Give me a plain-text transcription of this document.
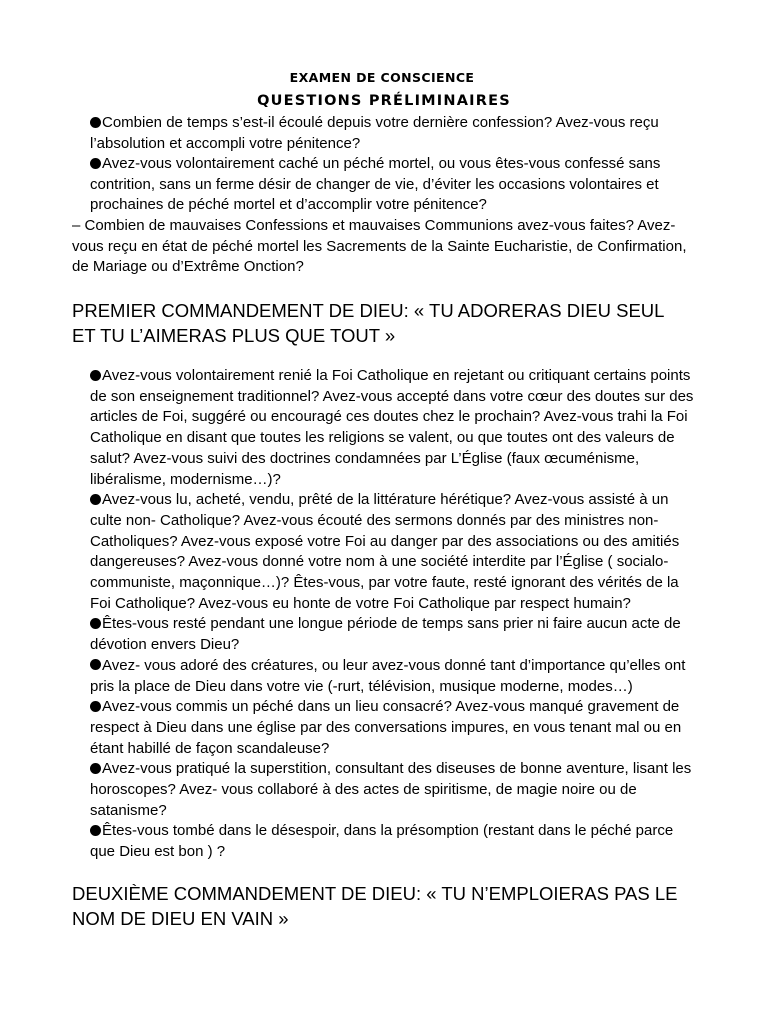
EXAMEN DE CONSCIENCE
QUESTIONS PRÉLIMINAIRES

Combien de temps s’est-il écoulé depuis votre dernière confession? Avez-vous reçu l’absolution et accompli votre pénitence?

Avez-vous volontairement caché un péché mortel, ou vous êtes-vous confessé sans contrition, sans un ferme désir de changer de vie, d’éviter les occasions volontaires et prochaines de péché mortel et d’accomplir votre pénitence?

– Combien de mauvaises Confessions et mauvaises Communions avez-vous faites? Avez-vous reçu en état de péché mortel les Sacrements de la Sainte Eucharistie, de Confirmation, de Mariage ou d’Extrême Onction?

PREMIER COMMANDEMENT DE DIEU: « TU ADORERAS DIEU SEUL ET TU L’AIMERAS PLUS QUE TOUT »

Avez-vous volontairement renié la Foi Catholique en rejetant ou critiquant certains points de son enseignement traditionnel? Avez-vous accepté dans votre cœur des doutes sur des articles de Foi, suggéré ou encouragé ces doutes chez le prochain? Avez-vous trahi la Foi Catholique en disant que toutes les religions se valent, ou que toutes ont des valeurs de salut? Avez-vous suivi des doctrines condamnées par L’Église (faux œcuménisme, libéralisme, modernisme…)?

Avez-vous lu, acheté, vendu, prêté de la littérature hérétique? Avez-vous assisté à un culte non- Catholique? Avez-vous écouté des sermons donnés par des ministres non-Catholiques? Avez-vous exposé votre Foi au danger par des associations ou des amitiés dangereuses? Avez-vous donné votre nom à une société interdite par l’Église ( socialo-communiste, maçonnique…)? Êtes-vous, par votre faute, resté ignorant des vérités de la Foi Catholique? Avez-vous eu honte de votre Foi Catholique par respect humain?

Êtes-vous resté pendant une longue période de temps sans prier ni faire aucun acte de dévotion envers Dieu?

Avez- vous adoré des créatures, ou leur avez-vous donné tant d’importance qu’elles ont pris la place de Dieu dans votre vie (-rurt, télévision, musique moderne, modes…)

Avez-vous commis un péché dans un lieu consacré? Avez-vous manqué gravement de respect à Dieu dans une église par des conversations impures, en vous tenant mal ou en étant habillé de façon scandaleuse?

Avez-vous pratiqué la superstition, consultant des diseuses de bonne aventure, lisant les horoscopes? Avez- vous collaboré à des actes de spiritisme, de magie noire ou de satanisme?

Êtes-vous tombé dans le désespoir, dans la présomption (restant dans le péché parce que Dieu est bon ) ?

DEUXIÈME COMMANDEMENT DE DIEU: « TU N’EMPLOIERAS PAS LE NOM DE DIEU EN VAIN »
